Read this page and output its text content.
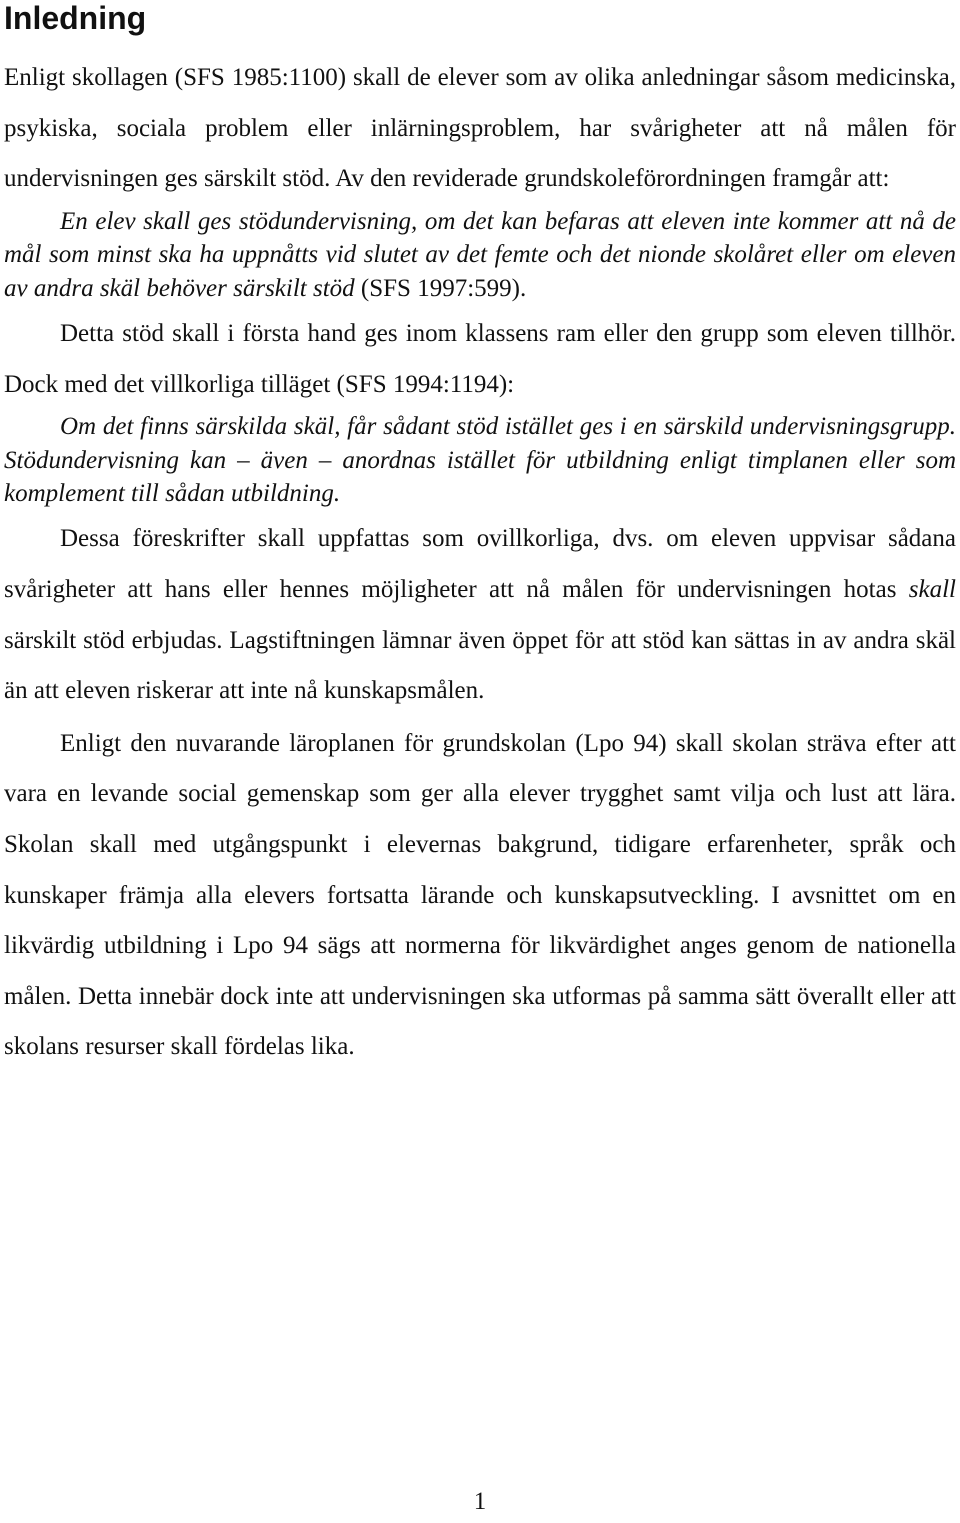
Inledning

Enligt skollagen (SFS 1985:1100) skall de elever som av olika anledningar såsom medicinska, psykiska, sociala problem eller inlärningsproblem, har svårigheter att nå målen för undervisningen ges särskilt stöd. Av den reviderade grundskoleförordningen framgår att:

En elev skall ges stödundervisning, om det kan befaras att eleven inte kommer att nå de mål som minst ska ha uppnåtts vid slutet av det femte och det nionde skolåret eller om eleven av andra skäl behöver särskilt stöd (SFS 1997:599).

Detta stöd skall i första hand ges inom klassens ram eller den grupp som eleven tillhör. Dock med det villkorliga tilläget (SFS 1994:1194):

Om det finns särskilda skäl, får sådant stöd istället ges i en särskild undervisningsgrupp. Stödundervisning kan – även – anordnas istället för utbildning enligt timplanen eller som komplement till sådan utbildning.

Dessa föreskrifter skall uppfattas som ovillkorliga, dvs. om eleven uppvisar sådana svårigheter att hans eller hennes möjligheter att nå målen för undervisningen hotas skall särskilt stöd erbjudas. Lagstiftningen lämnar även öppet för att stöd kan sättas in av andra skäl än att eleven riskerar att inte nå kunskapsmålen.

Enligt den nuvarande läroplanen för grundskolan (Lpo 94) skall skolan sträva efter att vara en levande social gemenskap som ger alla elever trygghet samt vilja och lust att lära. Skolan skall med utgångspunkt i elevernas bakgrund, tidigare erfarenheter, språk och kunskaper främja alla elevers fortsatta lärande och kunskapsutveckling. I avsnittet om en likvärdig utbildning i Lpo 94 sägs att normerna för likvärdighet anges genom de nationella målen. Detta innebär dock inte att undervisningen ska utformas på samma sätt överallt eller att skolans resurser skall fördelas lika.

1
